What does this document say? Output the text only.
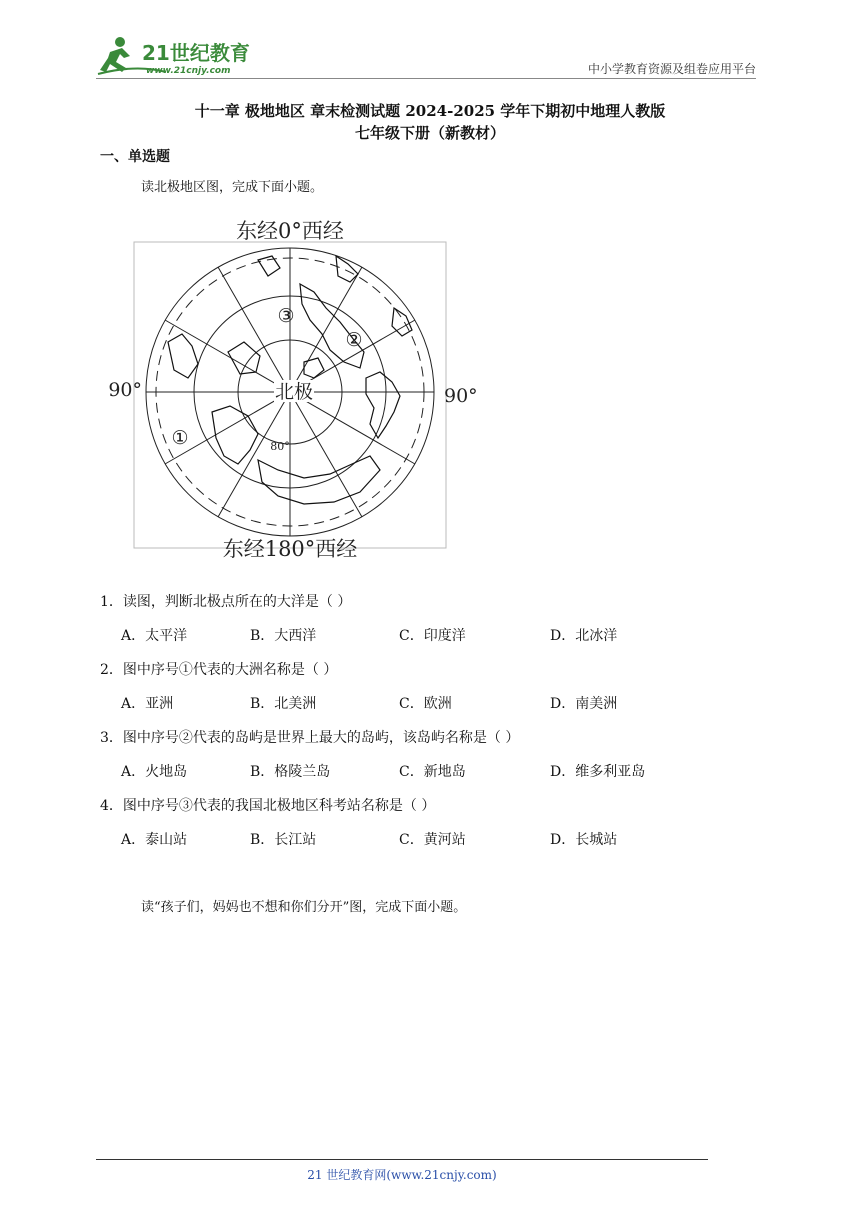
21世纪教育
www.21cnjy.com	中小学教育资源及组卷应用平台
十一章 极地地区 章末检测试题 2024-2025 学年下期初中地理人教版
七年级下册（新教材）
一、单选题
读北极地区图，完成下面小题。
东经0°西经
东经180°西经
90°	90°
北极
80°
①
②
③
1．读图，判断北极点所在的大洋是（ ）
A．太平洋	B．大西洋	C．印度洋	D．北冰洋
2．图中序号①代表的大洲名称是（ ）
A．亚洲	B．北美洲	C．欧洲	D．南美洲
3．图中序号②代表的岛屿是世界上最大的岛屿，该岛屿名称是（ ）
A．火地岛	B．格陵兰岛	C．新地岛	D．维多利亚岛
4．图中序号③代表的我国北极地区科考站名称是（ ）
A．泰山站	B．长江站	C．黄河站	D．长城站
读“孩子们，妈妈也不想和你们分开”图，完成下面小题。
21 世纪教育网(www.21cnjy.com)
